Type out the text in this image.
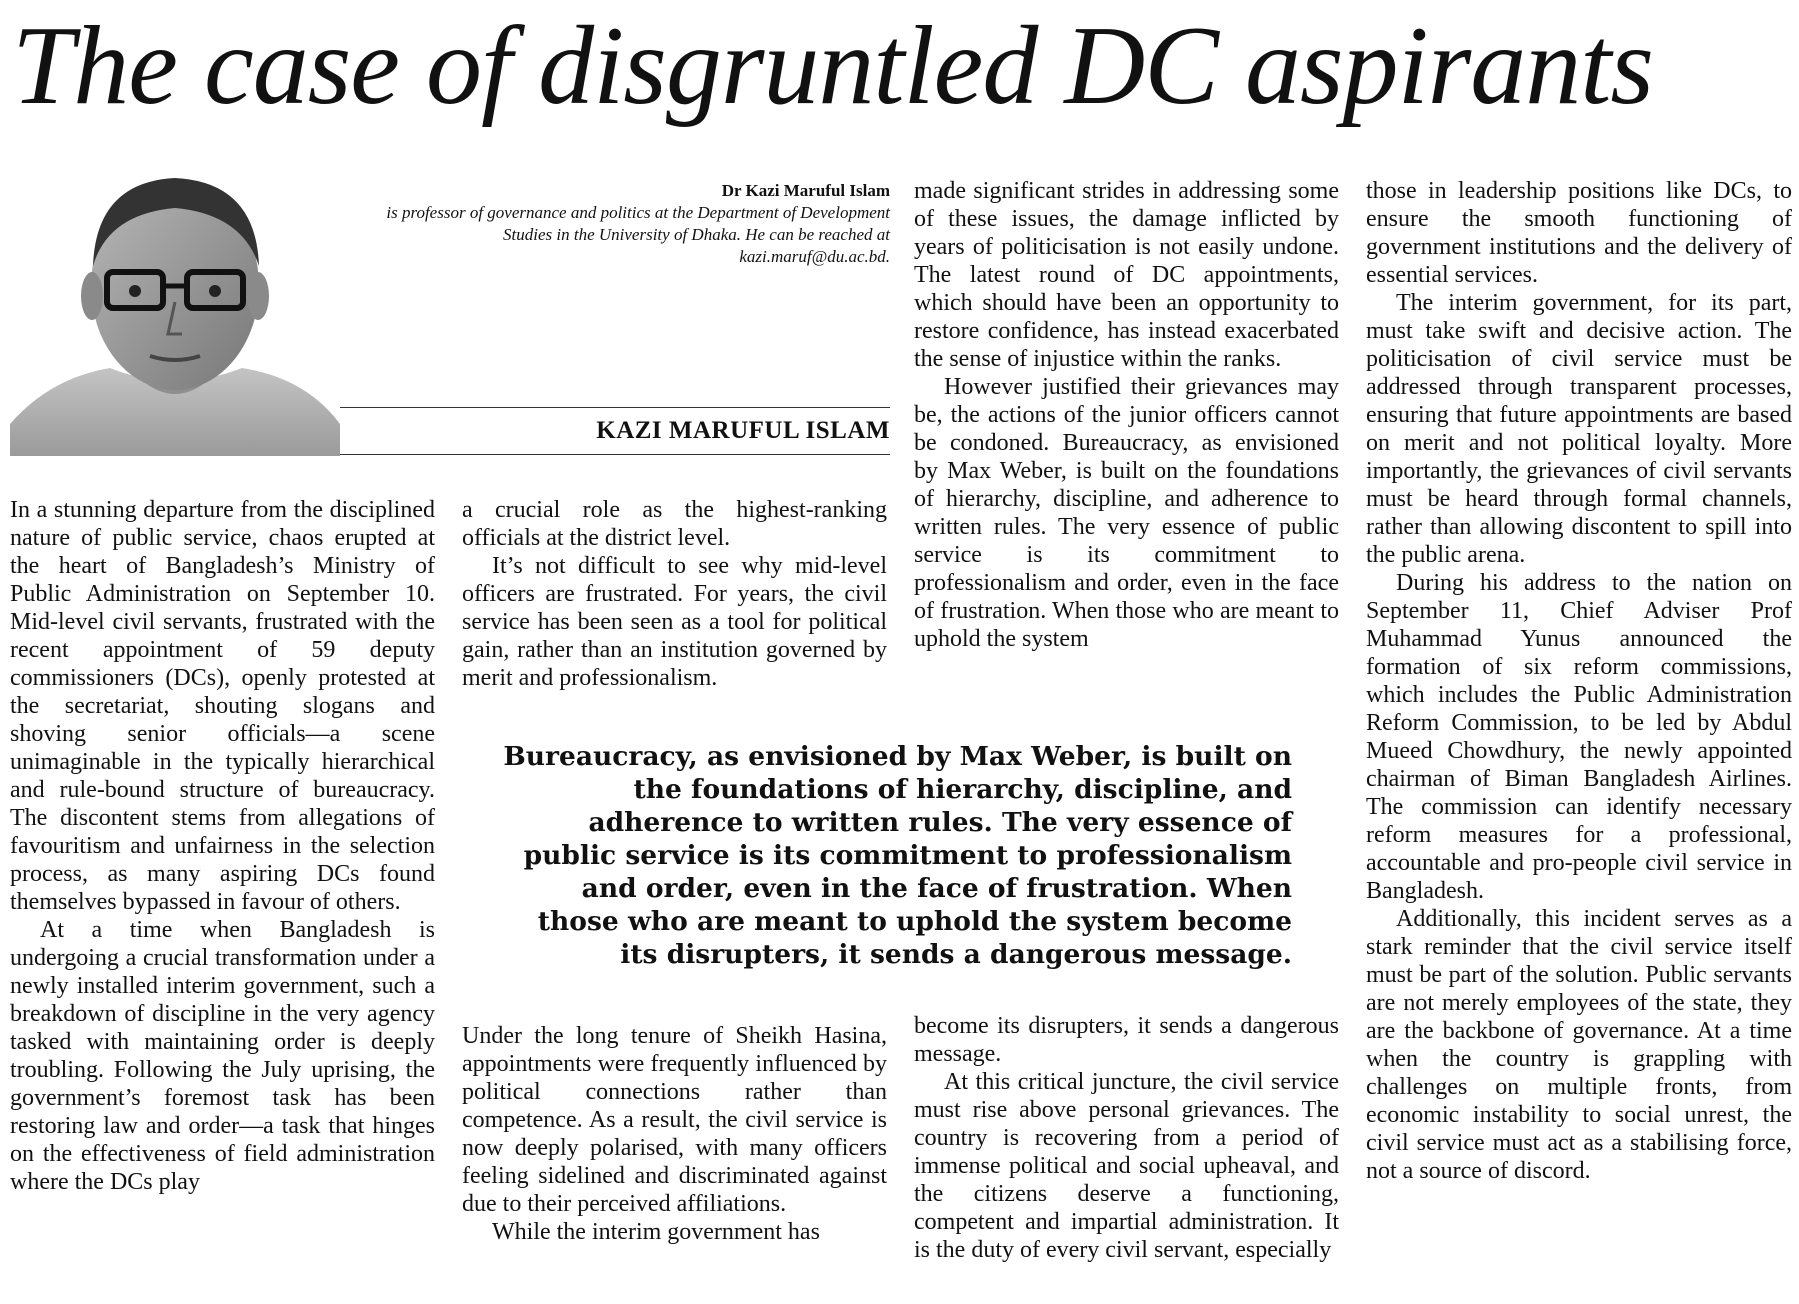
The case of disgruntled DC aspirants

Dr Kazi Maruful Islam
is professor of governance and politics at the Department of Development Studies in the University of Dhaka. He can be reached at kazi.maruf@du.ac.bd.

KAZI MARUFUL ISLAM

In a stunning departure from the disciplined nature of public service, chaos erupted at the heart of Bangladesh’s Ministry of Public Administration on September 10. Mid-level civil servants, frustrated with the recent appointment of 59 deputy commissioners (DCs), openly protested at the secretariat, shouting slogans and shoving senior officials—a scene unimaginable in the typically hierarchical and rule-bound structure of bureaucracy. The discontent stems from allegations of favouritism and unfairness in the selection process, as many aspiring DCs found themselves bypassed in favour of others.

At a time when Bangladesh is undergoing a crucial transformation under a newly installed interim government, such a breakdown of discipline in the very agency tasked with maintaining order is deeply troubling. Following the July uprising, the government’s foremost task has been restoring law and order—a task that hinges on the effectiveness of field administration where the DCs play

a crucial role as the highest-ranking officials at the district level.

It’s not difficult to see why mid-level officers are frustrated. For years, the civil service has been seen as a tool for political gain, rather than an institution governed by merit and professionalism.

Bureaucracy, as envisioned by Max Weber, is built on the foundations of hierarchy, discipline, and adherence to written rules. The very essence of public service is its commitment to professionalism and order, even in the face of frustration. When those who are meant to uphold the system become its disrupters, it sends a dangerous message.

Under the long tenure of Sheikh Hasina, appointments were frequently influenced by political connections rather than competence. As a result, the civil service is now deeply polarised, with many officers feeling sidelined and discriminated against due to their perceived affiliations.

While the interim government has

made significant strides in addressing some of these issues, the damage inflicted by years of politicisation is not easily undone. The latest round of DC appointments, which should have been an opportunity to restore confidence, has instead exacerbated the sense of injustice within the ranks.

However justified their grievances may be, the actions of the junior officers cannot be condoned. Bureaucracy, as envisioned by Max Weber, is built on the foundations of hierarchy, discipline, and adherence to written rules. The very essence of public service is its commitment to professionalism and order, even in the face of frustration. When those who are meant to uphold the system

become its disrupters, it sends a dangerous message.

At this critical juncture, the civil service must rise above personal grievances. The country is recovering from a period of immense political and social upheaval, and the citizens deserve a functioning, competent and impartial administration. It is the duty of every civil servant, especially

those in leadership positions like DCs, to ensure the smooth functioning of government institutions and the delivery of essential services.

The interim government, for its part, must take swift and decisive action. The politicisation of civil service must be addressed through transparent processes, ensuring that future appointments are based on merit and not political loyalty. More importantly, the grievances of civil servants must be heard through formal channels, rather than allowing discontent to spill into the public arena.

During his address to the nation on September 11, Chief Adviser Prof Muhammad Yunus announced the formation of six reform commissions, which includes the Public Administration Reform Commission, to be led by Abdul Mueed Chowdhury, the newly appointed chairman of Biman Bangladesh Airlines. The commission can identify necessary reform measures for a professional, accountable and pro-people civil service in Bangladesh.

Additionally, this incident serves as a stark reminder that the civil service itself must be part of the solution. Public servants are not merely employees of the state, they are the backbone of governance. At a time when the country is grappling with challenges on multiple fronts, from economic instability to social unrest, the civil service must act as a stabilising force, not a source of discord.
